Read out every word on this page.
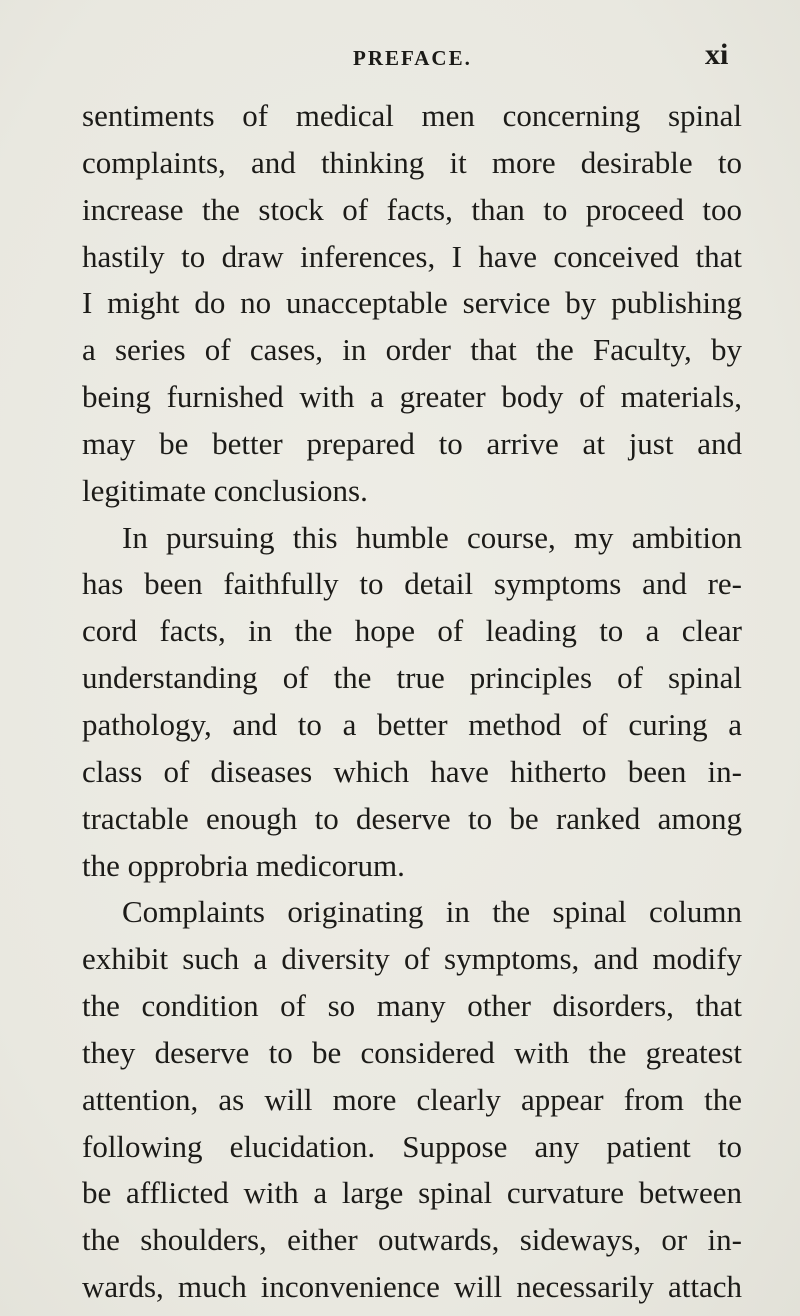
PREFACE.	xi
sentiments of medical men concerning spinal
complaints, and thinking it more desirable to
increase the stock of facts, than to proceed too
hastily to draw inferences, I have conceived that
I might do no unacceptable service by publishing
a series of cases, in order that the Faculty, by
being furnished with a greater body of materials,
may be better prepared to arrive at just and
legitimate conclusions.
In pursuing this humble course, my ambition
has been faithfully to detail symptoms and re-
cord facts, in the hope of leading to a clear
understanding of the true principles of spinal
pathology, and to a better method of curing a
class of diseases which have hitherto been in-
tractable enough to deserve to be ranked among
the opprobria medicorum.
Complaints originating in the spinal column
exhibit such a diversity of symptoms, and modify
the condition of so many other disorders, that
they deserve to be considered with the greatest
attention, as will more clearly appear from the
following elucidation. Suppose any patient to
be afflicted with a large spinal curvature between
the shoulders, either outwards, sideways, or in-
wards, much inconvenience will necessarily attach
